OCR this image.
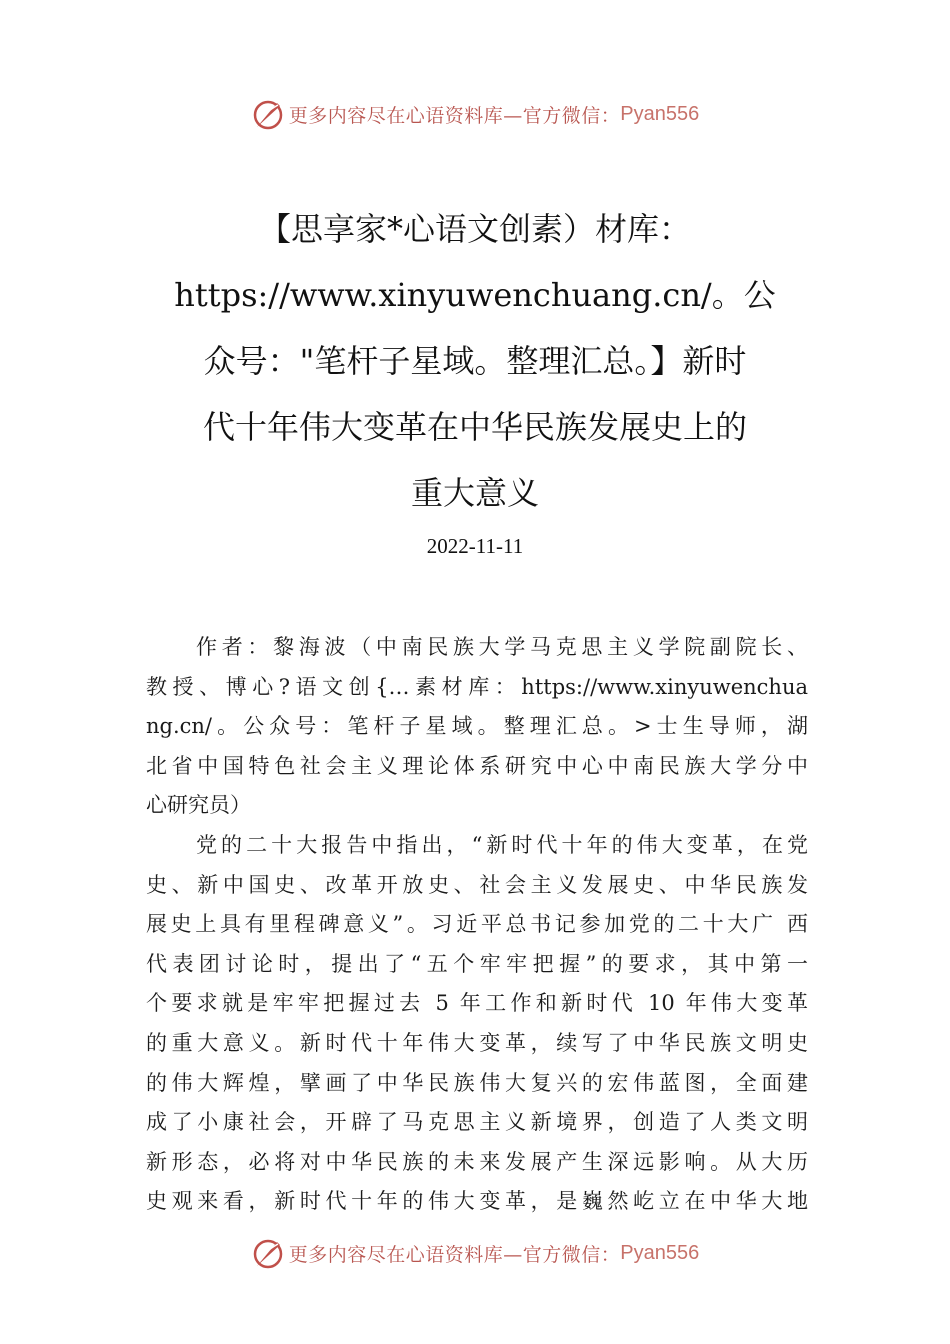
更多内容尽在心语资料库—官方微信： Pyan556
【思享家*心语文创素）材库：
https://www.xinyuwenchuang.cn/。公
众号："笔杆子星域。整理汇总。】新时
代十年伟大变革在中华民族发展史上的
重大意义
2022-11-11
作者：黎海波（中南民族大学马克思主义学院副院长、
教授、博心?语文创{…素材库：https://www.xinyuwenchua
ng.cn/。公众号：笔杆子星域。整理汇总。>士生导师，湖
北省中国特色社会主义理论体系研究中心中南民族大学分中
心研究员）
党的二十大报告中指出，“新时代十年的伟大变革，在党
史、新中国史、改革开放史、社会主义发展史、中华民族发
展史上具有里程碑意义”。习近平总书记参加党的二十大广 西
代表团讨论时，提出了“五个牢牢把握”的要求，其中第一
个要求就是牢牢把握过去 5 年工作和新时代 10 年伟大变革
的重大意义。新时代十年伟大变革，续写了中华民族文明史
的伟大辉煌，擘画了中华民族伟大复兴的宏伟蓝图，全面建
成了小康社会，开辟了马克思主义新境界，创造了人类文明
新形态，必将对中华民族的未来发展产生深远影响。从大历
史观来看，新时代十年的伟大变革，是巍然屹立在中华大地
更多内容尽在心语资料库—官方微信： Pyan556
